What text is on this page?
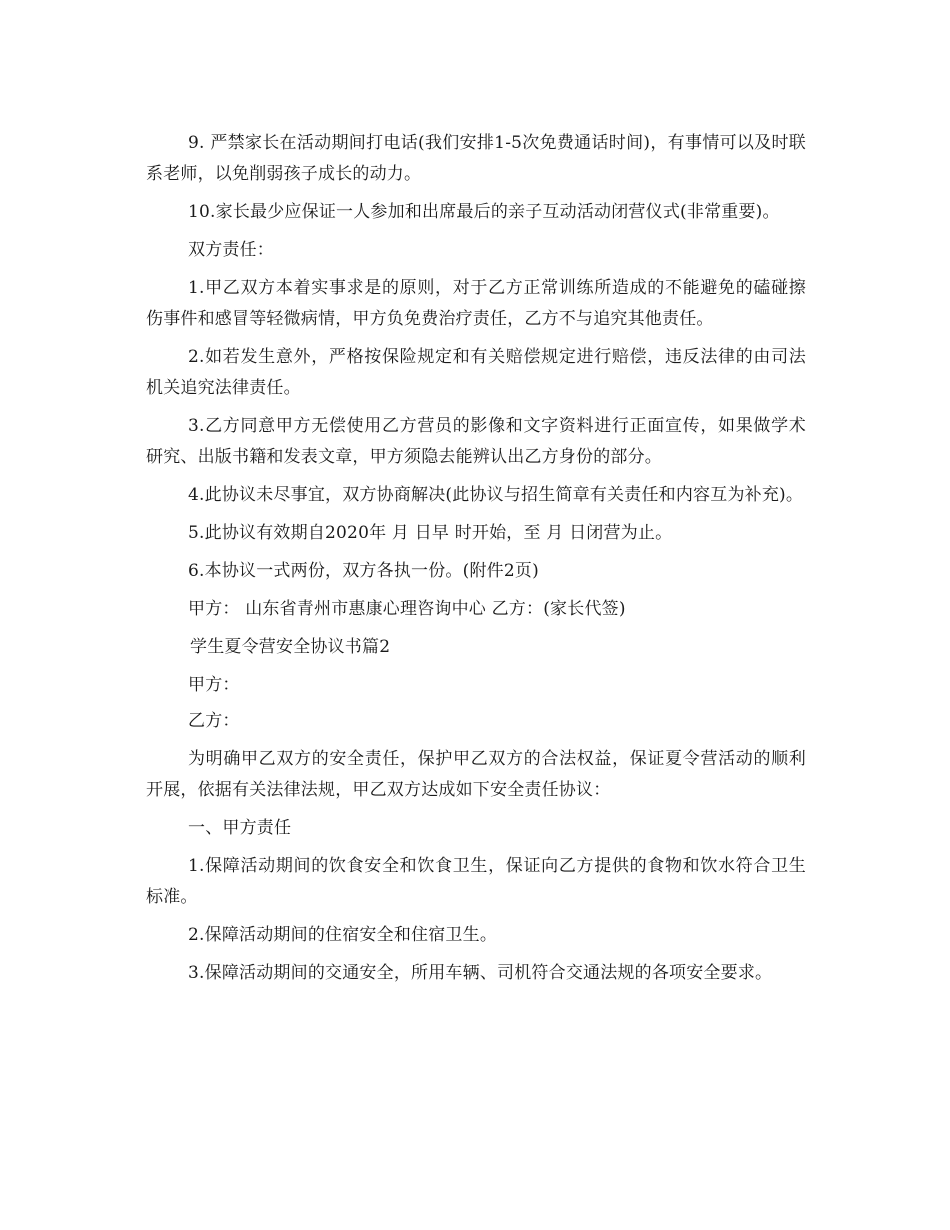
9. 严禁家长在活动期间打电话(我们安排1-5次免费通话时间)，有事情可以及时联系老师，以免削弱孩子成长的动力。

10.家长最少应保证一人参加和出席最后的亲子互动活动闭营仪式(非常重要)。

双方责任：

1.甲乙双方本着实事求是的原则，对于乙方正常训练所造成的不能避免的磕碰擦伤事件和感冒等轻微病情，甲方负免费治疗责任，乙方不与追究其他责任。

2.如若发生意外，严格按保险规定和有关赔偿规定进行赔偿，违反法律的由司法机关追究法律责任。

3.乙方同意甲方无偿使用乙方营员的影像和文字资料进行正面宣传，如果做学术研究、出版书籍和发表文章，甲方须隐去能辨认出乙方身份的部分。

4.此协议未尽事宜，双方协商解决(此协议与招生简章有关责任和内容互为补充)。

5.此协议有效期自2020年 月 日早 时开始，至 月 日闭营为止。

6.本协议一式两份，双方各执一份。(附件2页)

甲方： 山东省青州市惠康心理咨询中心 乙方：(家长代签)

学生夏令营安全协议书篇2

甲方：

乙方：

为明确甲乙双方的安全责任，保护甲乙双方的合法权益，保证夏令营活动的顺利开展，依据有关法律法规，甲乙双方达成如下安全责任协议：

一、甲方责任

1.保障活动期间的饮食安全和饮食卫生，保证向乙方提供的食物和饮水符合卫生标准。

2.保障活动期间的住宿安全和住宿卫生。

3.保障活动期间的交通安全，所用车辆、司机符合交通法规的各项安全要求。
